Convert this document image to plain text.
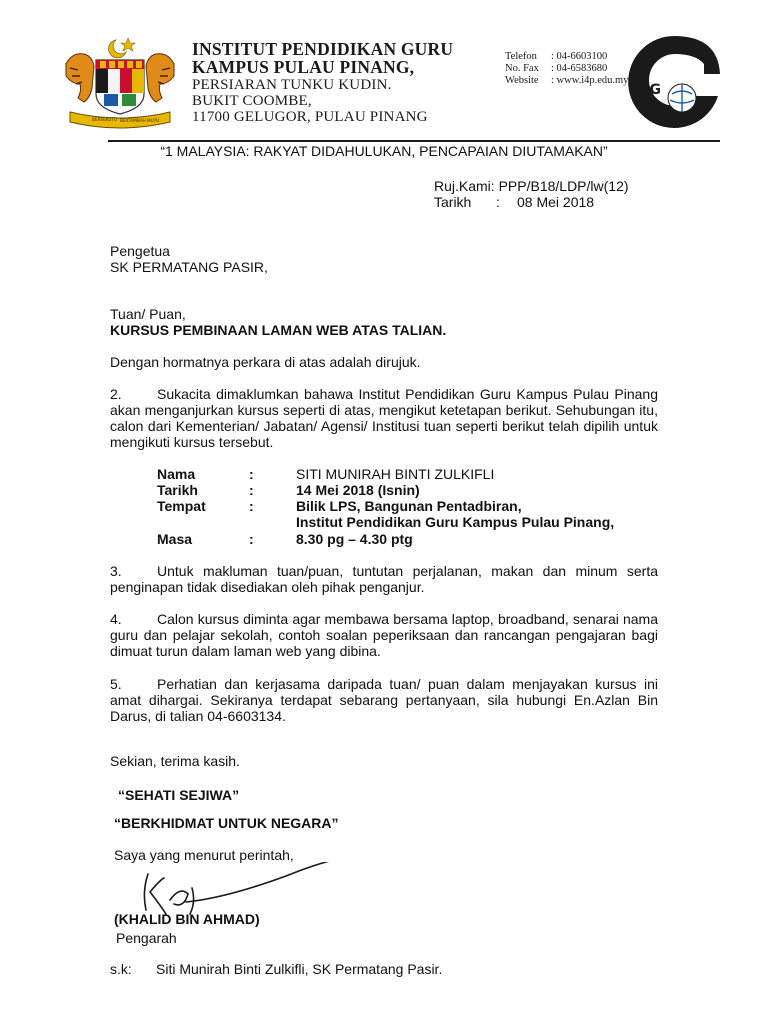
BERSEKUTU BERTAMBAH MUTU
INSTITUT PENDIDIKAN GURU
KAMPUS PULAU PINANG,
PERSIARAN TUNKU KUDIN.
BUKIT COOMBE,
11700 GELUGOR, PULAU PINANG
Telefon : 04-6603100
No. Fax : 04-6583680
Website : www.i4p.edu.my
IPG
“1 MALAYSIA: RAKYAT DIDAHULUKAN, PENCAPAIAN DIUTAMAKAN”
Ruj.Kami: PPP/B18/LDP/lw(12)
Tarikh : 08 Mei 2018
Pengetua
SK PERMATANG PASIR,
Tuan/ Puan,
KURSUS PEMBINAAN LAMAN WEB ATAS TALIAN.
Dengan hormatnya perkara di atas adalah dirujuk.
2.	Sukacita dimaklumkan bahawa Institut Pendidikan Guru Kampus Pulau Pinang akan menganjurkan kursus seperti di atas, mengikut ketetapan berikut. Sehubungan itu, calon dari Kementerian/ Jabatan/ Agensi/ Institusi tuan seperti berikut telah dipilih untuk mengikuti kursus tersebut.
Nama	:	SITI MUNIRAH BINTI ZULKIFLI
Tarikh	:	14 Mei 2018 (Isnin)
Tempat	:	Bilik LPS, Bangunan Pentadbiran,
Institut Pendidikan Guru Kampus Pulau Pinang,
Masa	:	8.30 pg – 4.30 ptg
3.	Untuk makluman tuan/puan, tuntutan perjalanan, makan dan minum serta penginapan tidak disediakan oleh pihak penganjur.
4.	Calon kursus diminta agar membawa bersama laptop, broadband, senarai nama guru dan pelajar sekolah, contoh soalan peperiksaan dan rancangan pengajaran bagi dimuat turun dalam laman web yang dibina.
5.	Perhatian dan kerjasama daripada tuan/ puan dalam menjayakan kursus ini amat dihargai. Sekiranya terdapat sebarang pertanyaan, sila hubungi En.Azlan Bin Darus, di talian 04-6603134.
Sekian, terima kasih.
“SEHATI SEJIWA”
“BERKHIDMAT UNTUK NEGARA”
Saya yang menurut perintah,
(KHALID BIN AHMAD)
Pengarah
s.k: Siti Munirah Binti Zulkifli, SK Permatang Pasir.
